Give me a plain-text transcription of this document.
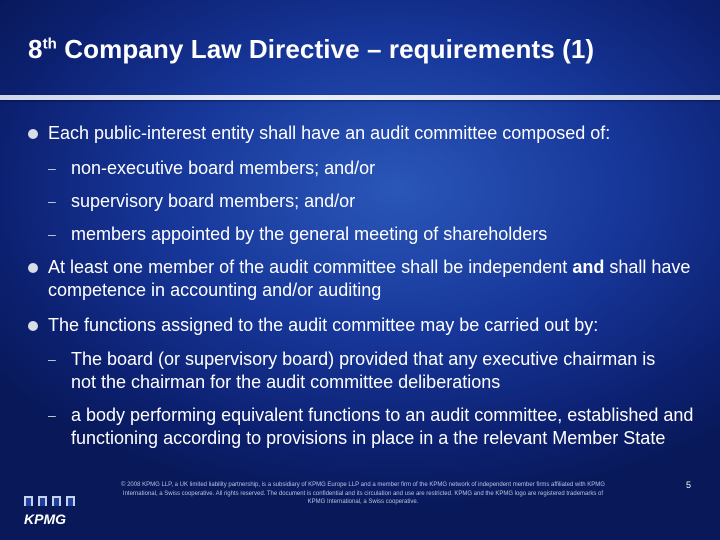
8th Company Law Directive – requirements (1)
Each public-interest entity shall have an audit committee composed of:
– non-executive board members; and/or
– supervisory board members; and/or
– members appointed by the general meeting of shareholders
At least one member of the audit committee shall be independent and shall have competence in accounting and/or auditing
The functions assigned to the audit committee may be carried out by:
– The board (or supervisory board) provided that any executive chairman is not the chairman for the audit committee deliberations
– a body performing equivalent functions to an audit committee, established and functioning according to provisions in place in a the relevant Member State
KPMG
© 2008 KPMG LLP, a UK limited liability partnership, is a subsidiary of KPMG Europe LLP and a member firm of the KPMG network of independent member firms affiliated with KPMG International, a Swiss cooperative. All rights reserved. The document is confidential and its circulation and use are restricted. KPMG and the KPMG logo are registered trademarks of KPMG International, a Swiss cooperative.
5
